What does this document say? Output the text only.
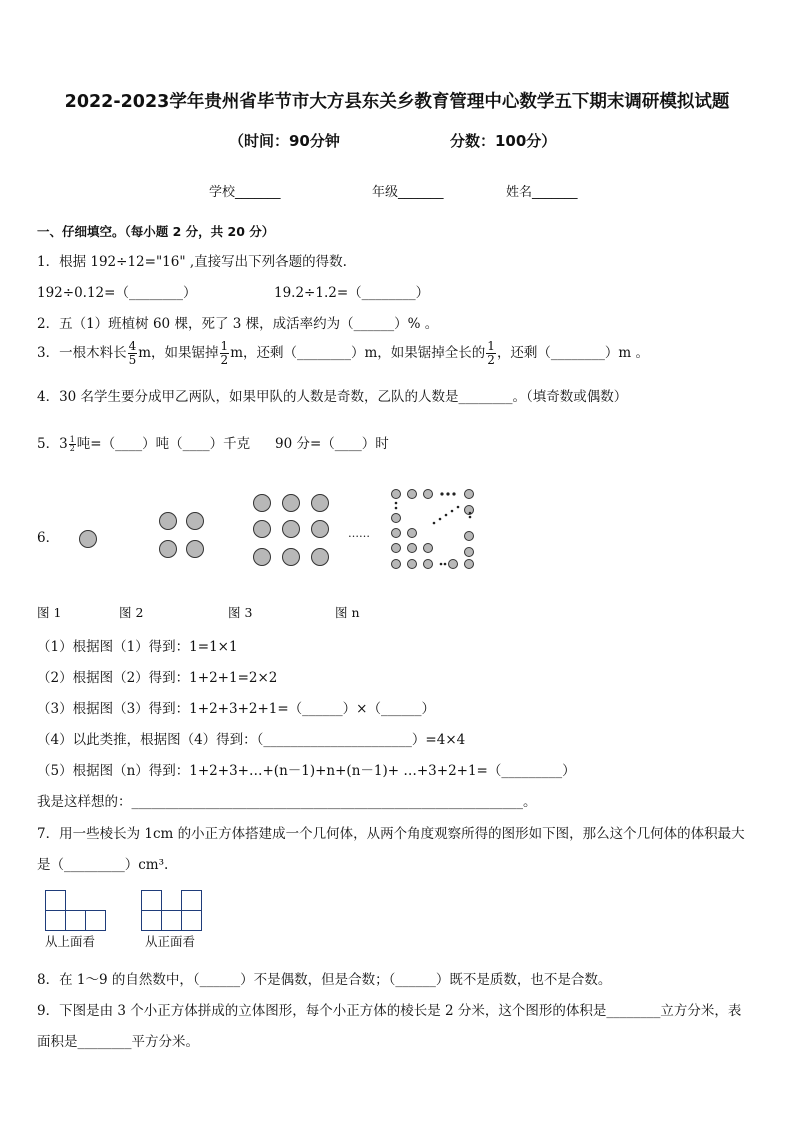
2022-2023学年贵州省毕节市大方县东关乡教育管理中心数学五下期末调研模拟试题
（时间：90分钟	分数：100分）
学校_______	年级_______	姓名_______
一、仔细填空。（每小题 2 分，共 20 分）
1．根据 192÷12="16" ,直接写出下列各题的得数.
192÷0.12=（________）	19.2÷1.2=（________）
2．五（1）班植树 60 棵，死了 3 棵，成活率约为（______）% 。
3．一根木料长 $\frac{4}{5}$ m，如果锯掉 $\frac{1}{2}$ m，还剩（________）m，如果锯掉全长的 $\frac{1}{2}$ ，还剩（________）m 。
4．30 名学生要分成甲乙两队，如果甲队的人数是奇数，乙队的人数是________。（填奇数或偶数）
5．$3 \frac{1}{2}$ 吨=（____）吨（____）千克 90 分=（____）时
6．	……
图 1	图 2	图 3	图 n
（1）根据图（1）得到：1=1×1
（2）根据图（2）得到：1+2+1=2×2
（3）根据图（3）得到：1+2+3+2+1=（______）×（______）
（4）以此类推，根据图（4）得到：（______________________）=4×4
（5）根据图（n）得到：1+2+3+…+(n－1)+n+(n－1)+ …+3+2+1=（_________）
我是这样想的：__________________________________________________________。
7．用一些棱长为 1cm 的小正方体搭建成一个几何体，从两个角度观察所得的图形如下图，那么这个几何体的体积最大
是（_________）cm³.
从上面看	从正面看
8．在 1～9 的自然数中，（______）不是偶数，但是合数；（______）既不是质数，也不是合数。
9．下图是由 3 个小正方体拼成的立体图形，每个小正方体的棱长是 2 分米，这个图形的体积是________立方分米，表
面积是________平方分米。
